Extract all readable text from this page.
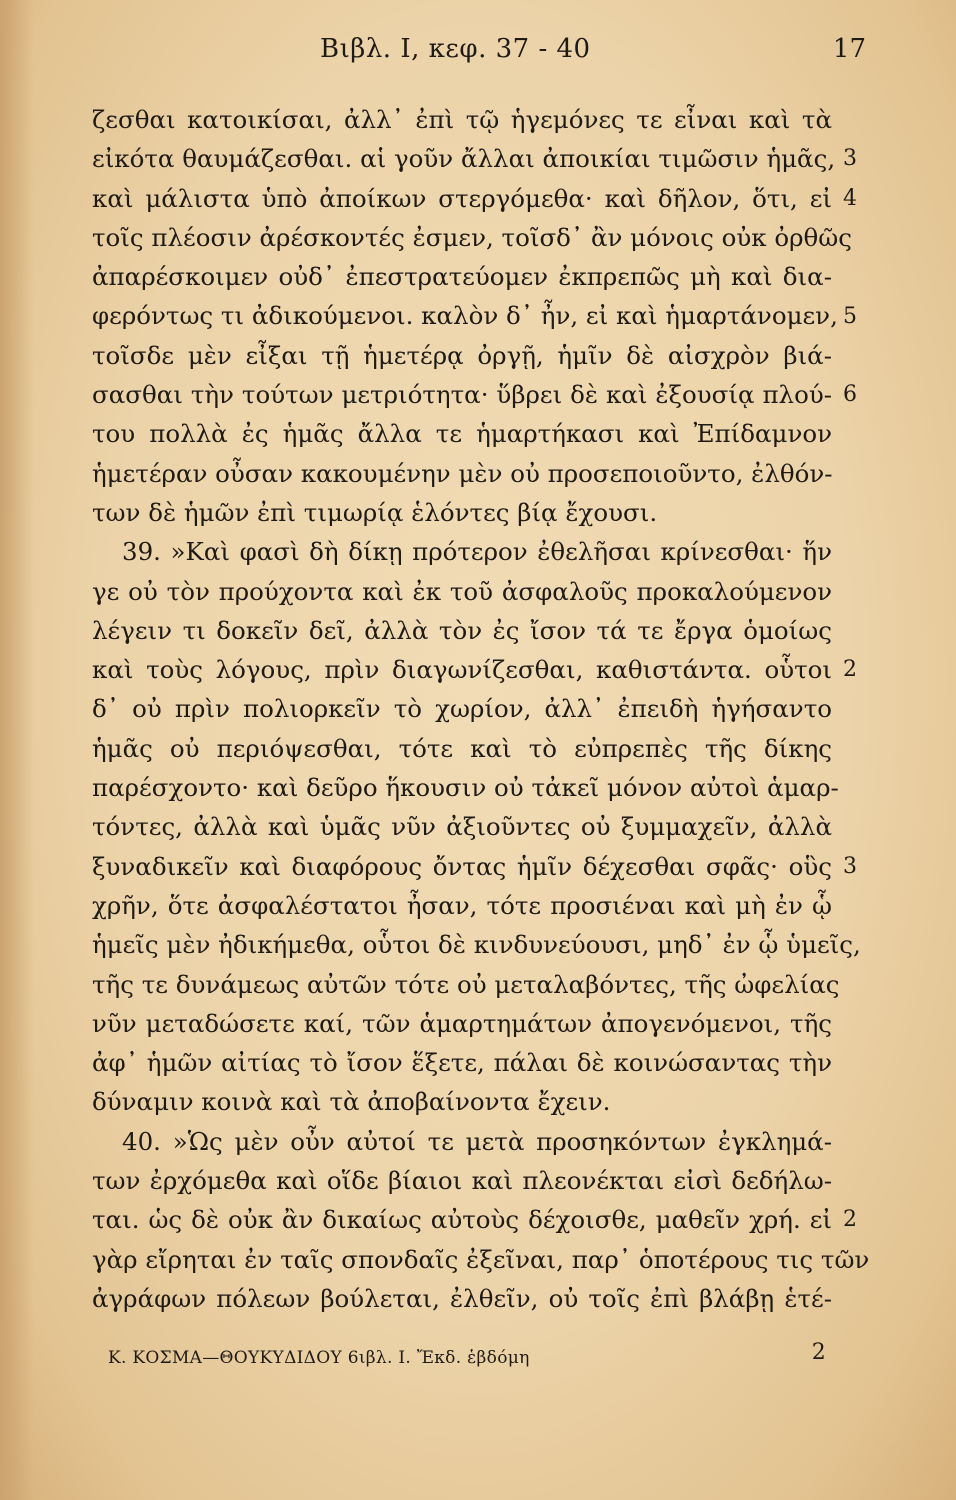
Βιβλ. Ι, κεφ. 37 - 40	17
ζεσθαι κατοικίσαι, ἀλλ᾽ ἐπὶ τῷ ἡγεμόνες τε εἶναι καὶ τὰ
εἰκότα θαυμάζεσθαι. αἱ γοῦν ἄλλαι ἀποικίαι τιμῶσιν ἡμᾶς,
καὶ μάλιστα ὑπὸ ἀποίκων στεργόμεθα· καὶ δῆλον, ὅτι, εἰ
τοῖς πλέοσιν ἀρέσκοντές ἐσμεν, τοῖσδ᾽ ἂν μόνοις οὐκ ὀρθῶς
ἀπαρέσκοιμεν οὐδ᾽ ἐπεστρατεύομεν ἐκπρεπῶς μὴ καὶ δια-
φερόντως τι ἀδικούμενοι. καλὸν δ᾽ ἦν, εἰ καὶ ἡμαρτάνομεν,
τοῖσδε μὲν εἶξαι τῇ ἡμετέρᾳ ὀργῇ, ἡμῖν δὲ αἰσχρὸν βιά-
σασθαι τὴν τούτων μετριότητα· ὕβρει δὲ καὶ ἐξουσίᾳ πλού-
του πολλὰ ἐς ἡμᾶς ἄλλα τε ἡμαρτήκασι καὶ Ἐπίδαμνον
ἡμετέραν οὖσαν κακουμένην μὲν οὐ προσεποιοῦντο, ἐλθόν-
των δὲ ἡμῶν ἐπὶ τιμωρίᾳ ἑλόντες βίᾳ ἔχουσι.
39. »Καὶ φασὶ δὴ δίκῃ πρότερον ἐθελῆσαι κρίνεσθαι· ἥν
γε οὐ τὸν προύχοντα καὶ ἐκ τοῦ ἀσφαλοῦς προκαλούμενον
λέγειν τι δοκεῖν δεῖ, ἀλλὰ τὸν ἐς ἴσον τά τε ἔργα ὁμοίως
καὶ τοὺς λόγους, πρὶν διαγωνίζεσθαι, καθιστάντα. οὗτοι
δ᾽ οὐ πρὶν πολιορκεῖν τὸ χωρίον, ἀλλ᾽ ἐπειδὴ ἡγήσαντο
ἡμᾶς οὐ περιόψεσθαι, τότε καὶ τὸ εὐπρεπὲς τῆς δίκης
παρέσχοντο· καὶ δεῦρο ἥκουσιν οὐ τἀκεῖ μόνον αὐτοὶ ἁμαρ-
τόντες, ἀλλὰ καὶ ὑμᾶς νῦν ἀξιοῦντες οὐ ξυμμαχεῖν, ἀλλὰ
ξυναδικεῖν καὶ διαφόρους ὄντας ἡμῖν δέχεσθαι σφᾶς· οὓς
χρῆν, ὅτε ἀσφαλέστατοι ἦσαν, τότε προσιέναι καὶ μὴ ἐν ᾧ
ἡμεῖς μὲν ἠδικήμεθα, οὗτοι δὲ κινδυνεύουσι, μηδ᾽ ἐν ᾧ ὑμεῖς,
τῆς τε δυνάμεως αὐτῶν τότε οὐ μεταλαβόντες, τῆς ὠφελίας
νῦν μεταδώσετε καί, τῶν ἁμαρτημάτων ἀπογενόμενοι, τῆς
ἀφ᾽ ἡμῶν αἰτίας τὸ ἴσον ἕξετε, πάλαι δὲ κοινώσαντας τὴν
δύναμιν κοινὰ καὶ τὰ ἀποβαίνοντα ἔχειν.
40. »Ὡς μὲν οὖν αὐτοί τε μετὰ προσηκόντων ἐγκλημά-
των ἐρχόμεθα καὶ οἵδε βίαιοι καὶ πλεονέκται εἰσὶ δεδήλω-
ται. ὡς δὲ οὐκ ἂν δικαίως αὐτοὺς δέχοισθε, μαθεῖν χρή. εἰ
γὰρ εἴρηται ἐν ταῖς σπονδαῖς ἐξεῖναι, παρ᾽ ὁποτέρους τις τῶν
ἀγράφων πόλεων βούλεται, ἐλθεῖν, οὐ τοῖς ἐπὶ βλάβῃ ἑτέ-
3
4
5
6
2
3
2
Κ. ΚΟΣΜΑ—ΘΟΥΚΥΔΙΔΟΥ 6ιβλ. Ι. Ἔκδ. ἑβδόμη	2
